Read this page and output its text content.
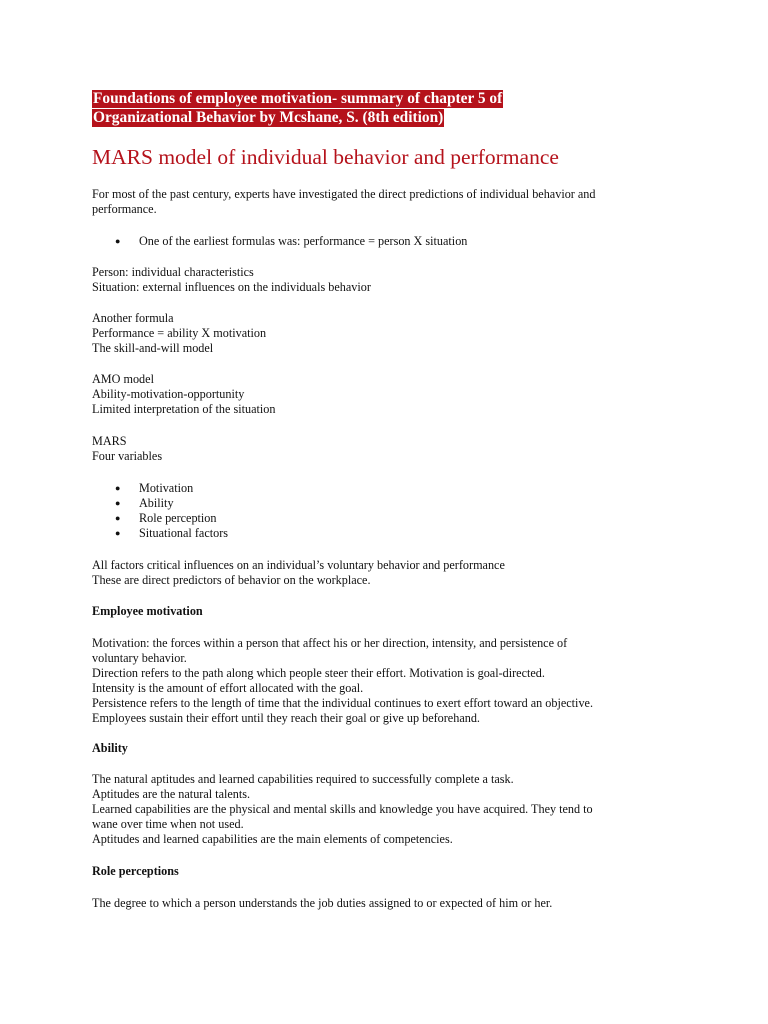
Foundations of employee motivation- summary of chapter 5 of
Organizational Behavior by Mcshane, S. (8th edition)
MARS model of individual behavior and performance
For most of the past century, experts have investigated the direct predictions of individual behavior and performance.
● One of the earliest formulas was: performance = person X situation
Person: individual characteristics
Situation: external influences on the individuals behavior
Another formula
Performance = ability X motivation
The skill-and-will model
AMO model
Ability-motivation-opportunity
Limited interpretation of the situation
MARS
Four variables
● Motivation
● Ability
● Role perception
● Situational factors
All factors critical influences on an individual’s voluntary behavior and performance
These are direct predictors of behavior on the workplace.
Employee motivation
Motivation: the forces within a person that affect his or her direction, intensity, and persistence of
voluntary behavior.
Direction refers to the path along which people steer their effort. Motivation is goal-directed.
Intensity is the amount of effort allocated with the goal.
Persistence refers to the length of time that the individual continues to exert effort toward an objective.
Employees sustain their effort until they reach their goal or give up beforehand.
Ability
The natural aptitudes and learned capabilities required to successfully complete a task.
Aptitudes are the natural talents.
Learned capabilities are the physical and mental skills and knowledge you have acquired. They tend to
wane over time when not used.
Aptitudes and learned capabilities are the main elements of competencies.
Role perceptions
The degree to which a person understands the job duties assigned to or expected of him or her.
